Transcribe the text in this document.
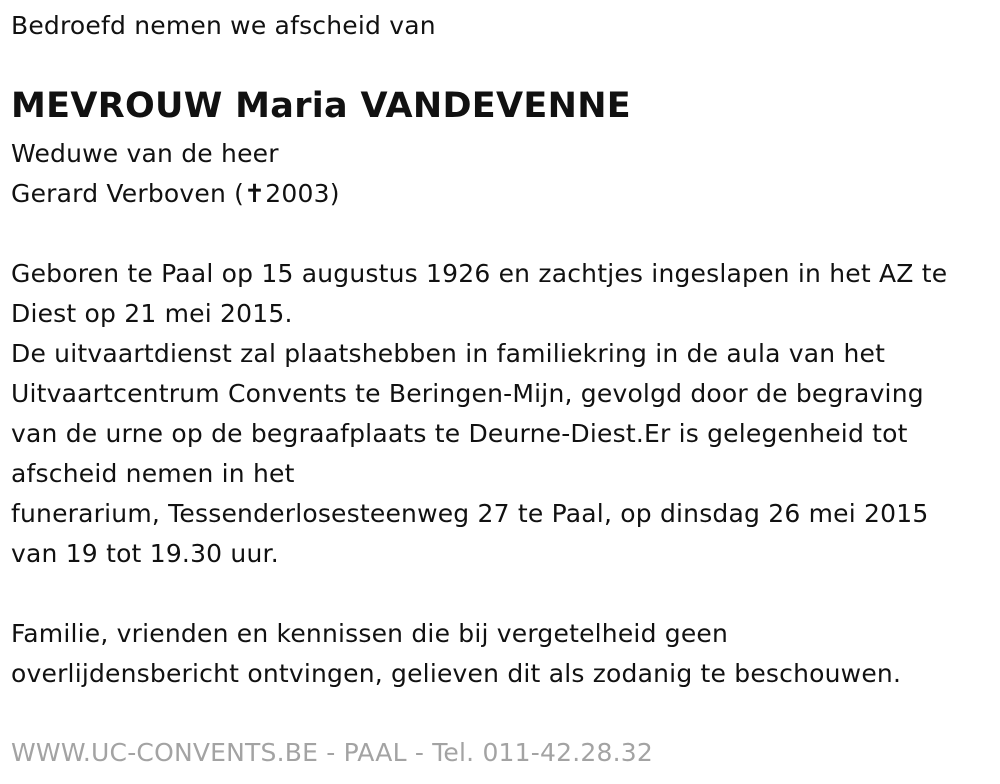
Bedroefd nemen we afscheid van
MEVROUW Maria VANDEVENNE
Weduwe van de heer
Gerard Verboven (✝2003)
Geboren te Paal op 15 augustus 1926 en zachtjes ingeslapen in het AZ te
Diest op 21 mei 2015.
De uitvaartdienst zal plaatshebben in familiekring in de aula van het
Uitvaartcentrum Convents te Beringen-Mijn, gevolgd door de begraving
van de urne op de begraafplaats te Deurne-Diest.Er is gelegenheid tot
afscheid nemen in het
funerarium, Tessenderlosesteenweg 27 te Paal, op dinsdag 26 mei 2015
van 19 tot 19.30 uur.
Familie, vrienden en kennissen die bij vergetelheid geen
overlijdensbericht ontvingen, gelieven dit als zodanig te beschouwen.
WWW.UC-CONVENTS.BE - PAAL - Tel. 011-42.28.32
